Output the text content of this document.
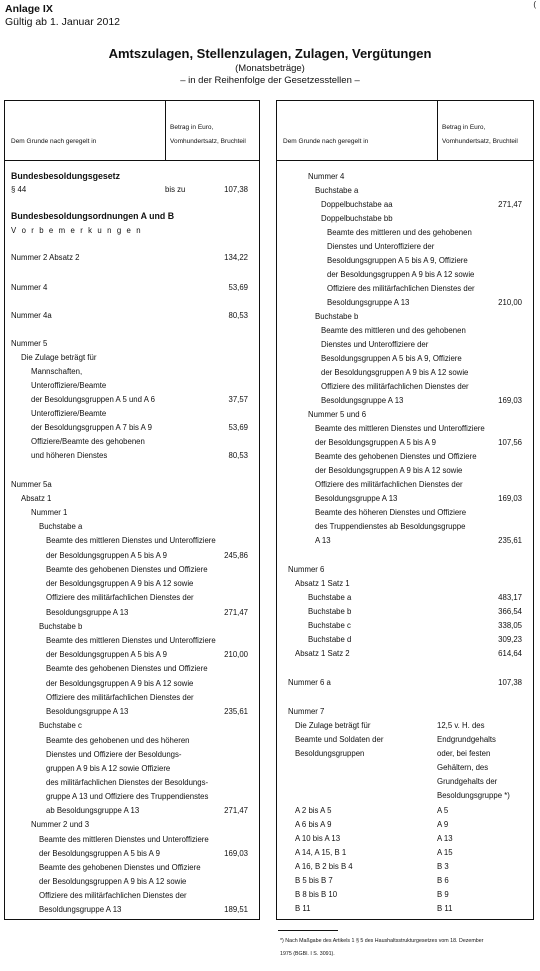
Anlage IX
Gültig ab 1. Januar 2012
(
Amtszulagen, Stellenzulagen, Zulagen, Vergütungen
(Monatsbeträge)
– in der Reihenfolge der Gesetzesstellen –
Dem Grunde nach geregelt in
Betrag in Euro,
Vomhundertsatz, Bruchteil
Bundesbesoldungsgesetz
§ 44	bis zu	107,38
Bundesbesoldungsordnungen A und B
V o r b e m e r k u n g e n
Nummer 2 Absatz 2	134,22
Nummer 4	53,69
Nummer 4a	80,53
Nummer 5
Die Zulage beträgt für
Mannschaften,
Unteroffiziere/Beamte
der Besoldungsgruppen A 5 und A 6	37,57
Unteroffiziere/Beamte
der Besoldungsgruppen A 7 bis A 9	53,69
Offiziere/Beamte des gehobenen
und höheren Dienstes	80,53
Nummer 5a
Absatz 1
Nummer 1
Buchstabe a
Beamte des mittleren Dienstes und Unteroffiziere
der Besoldungsgruppen A 5 bis A 9	245,86
Beamte des gehobenen Dienstes und Offiziere
der Besoldungsgruppen A 9 bis A 12 sowie
Offiziere des militärfachlichen Dienstes der
Besoldungsgruppe A 13	271,47
Buchstabe b
Beamte des mittleren Dienstes und Unteroffiziere
der Besoldungsgruppen A 5 bis A 9	210,00
Beamte des gehobenen Dienstes und Offiziere
der Besoldungsgruppen A 9 bis A 12 sowie
Offiziere des militärfachlichen Dienstes der
Besoldungsgruppe A 13	235,61
Buchstabe c
Beamte des gehobenen und des höheren
Dienstes und Offiziere der Besoldungs-
gruppen A 9 bis A 12 sowie Offiziere
des militärfachlichen Dienstes der Besoldungs-
gruppe A 13 und Offiziere des Truppendienstes
ab Besoldungsgruppe A 13	271,47
Nummer 2 und 3
Beamte des mittleren Dienstes und Unteroffiziere
der Besoldungsgruppen A 5 bis A 9	169,03
Beamte des gehobenen Dienstes und Offiziere
der Besoldungsgruppen A 9 bis A 12 sowie
Offiziere des militärfachlichen Dienstes der
Besoldungsgruppe A 13	189,51
Dem Grunde nach geregelt in
Betrag in Euro,
Vomhundertsatz, Bruchteil
Nummer 4
Buchstabe a
Doppelbuchstabe aa	271,47
Doppelbuchstabe bb
Beamte des mittleren und des gehobenen
Dienstes und Unteroffiziere der
Besoldungsgruppen A 5 bis A 9, Offiziere
der Besoldungsgruppen A 9 bis A 12 sowie
Offiziere des militärfachlichen Dienstes der
Besoldungsgruppe A 13	210,00
Buchstabe b
Beamte des mittleren und des gehobenen
Dienstes und Unteroffiziere der
Besoldungsgruppen A 5 bis A 9, Offiziere
der Besoldungsgruppen A 9 bis A 12 sowie
Offiziere des militärfachlichen Dienstes der
Besoldungsgruppe A 13	169,03
Nummer 5 und 6
Beamte des mittleren Dienstes und Unteroffiziere
der Besoldungsgruppen A 5 bis A 9	107,56
Beamte des gehobenen Dienstes und Offiziere
der Besoldungsgruppen A 9 bis A 12 sowie
Offiziere des militärfachlichen Dienstes der
Besoldungsgruppe A 13	169,03
Beamte des höheren Dienstes und Offiziere
des Truppendienstes ab Besoldungsgruppe
A 13	235,61
Nummer 6
Absatz 1 Satz 1
Buchstabe a	483,17
Buchstabe b	366,54
Buchstabe c	338,05
Buchstabe d	309,23
Absatz 1 Satz 2	614,64
Nummer 6 a	107,38
Nummer 7
Die Zulage beträgt für	12,5 v. H. des
Beamte und Soldaten der	Endgrundgehalts
Besoldungsgruppen	oder, bei festen
Gehältern, des
Grundgehalts der
Besoldungsgruppe *)
A 2 bis A 5	A 5
A 6 bis A 9	A 9
A 10 bis A 13	A 13
A 14, A 15, B 1	A 15
A 16, B 2 bis B 4	B 3
B 5 bis B 7	B 6
B 8 bis B 10	B 9
B 11	B 11
*) Nach Maßgabe des Artikels 1 § 5 des Haushaltsstrukturgesetzes vom 18. Dezember
1975 (BGBl. I S. 3091).
